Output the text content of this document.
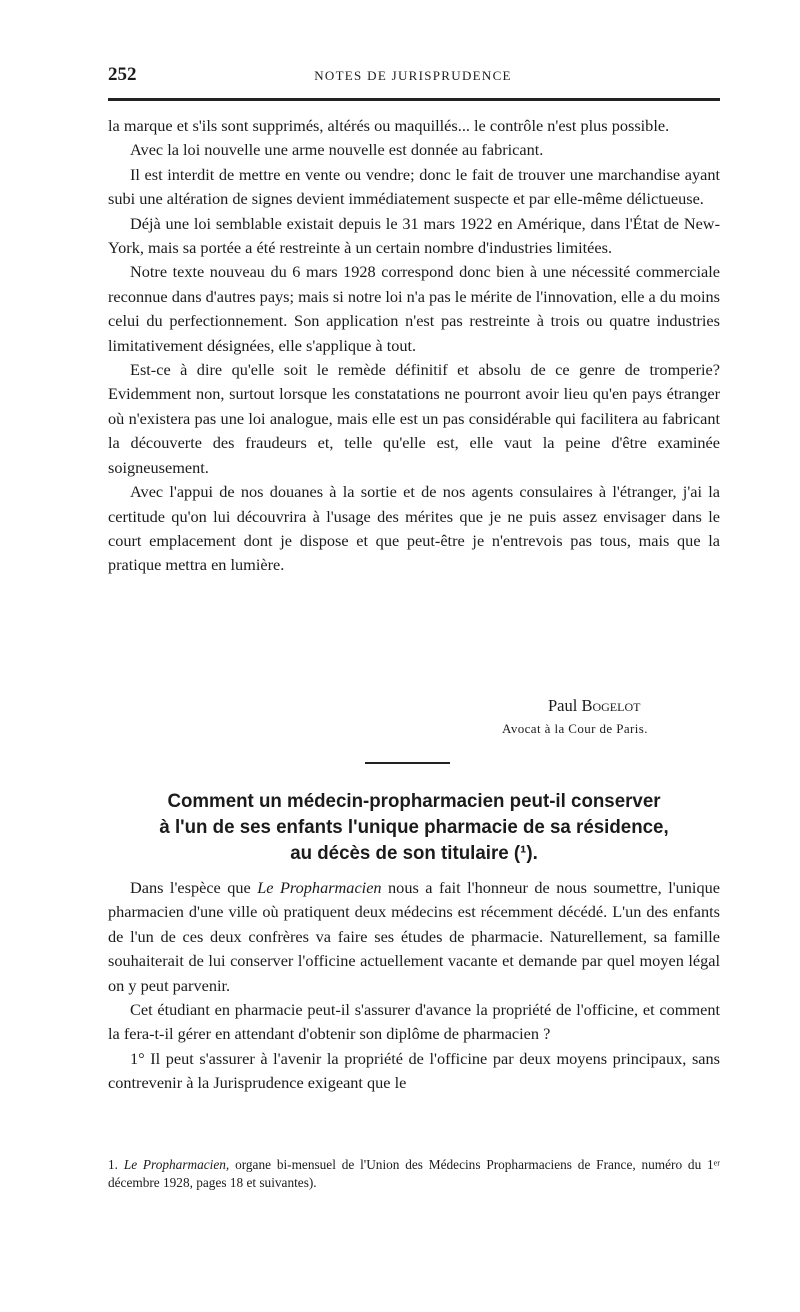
252	NOTES DE JURISPRUDENCE

la marque et s'ils sont supprimés, altérés ou maquillés... le contrôle n'est plus possible.

Avec la loi nouvelle une arme nouvelle est donnée au fabricant.

Il est interdit de mettre en vente ou vendre; donc le fait de trouver une marchandise ayant subi une altération de signes devient immédiatement suspecte et par elle-même délictueuse.

Déjà une loi semblable existait depuis le 31 mars 1922 en Amérique, dans l'État de New-York, mais sa portée a été restreinte à un certain nombre d'industries limitées.

Notre texte nouveau du 6 mars 1928 correspond donc bien à une nécessité commerciale reconnue dans d'autres pays; mais si notre loi n'a pas le mérite de l'innovation, elle a du moins celui du perfectionnement. Son application n'est pas restreinte à trois ou quatre industries limitativement désignées, elle s'applique à tout.

Est-ce à dire qu'elle soit le remède définitif et absolu de ce genre de tromperie? Evidemment non, surtout lorsque les constatations ne pourront avoir lieu qu'en pays étranger où n'existera pas une loi analogue, mais elle est un pas considérable qui facilitera au fabricant la découverte des fraudeurs et, telle qu'elle est, elle vaut la peine d'être examinée soigneusement.

Avec l'appui de nos douanes à la sortie et de nos agents consulaires à l'étranger, j'ai la certitude qu'on lui découvrira à l'usage des mérites que je ne puis assez envisager dans le court emplacement dont je dispose et que peut-être je n'entrevois pas tous, mais que la pratique mettra en lumière.

Paul Bogelot
Avocat à la Cour de Paris.
Comment un médecin-propharmacien peut-il conserver
à l'un de ses enfants l'unique pharmacie de sa résidence,
au décès de son titulaire (¹).

Dans l'espèce que Le Propharmacien nous a fait l'honneur de nous soumettre, l'unique pharmacien d'une ville où pratiquent deux médecins est récemment décédé. L'un des enfants de l'un de ces deux confrères va faire ses études de pharmacie. Naturellement, sa famille souhaiterait de lui conserver l'officine actuellement vacante et demande par quel moyen légal on y peut parvenir.

Cet étudiant en pharmacie peut-il s'assurer d'avance la propriété de l'officine, et comment la fera-t-il gérer en attendant d'obtenir son diplôme de pharmacien ?

1° Il peut s'assurer à l'avenir la propriété de l'officine par deux moyens principaux, sans contrevenir à la Jurisprudence exigeant que le

1. Le Propharmacien, organe bi-mensuel de l'Union des Médecins Propharmaciens de France, numéro du 1ᵉʳ décembre 1928, pages 18 et suivantes).
